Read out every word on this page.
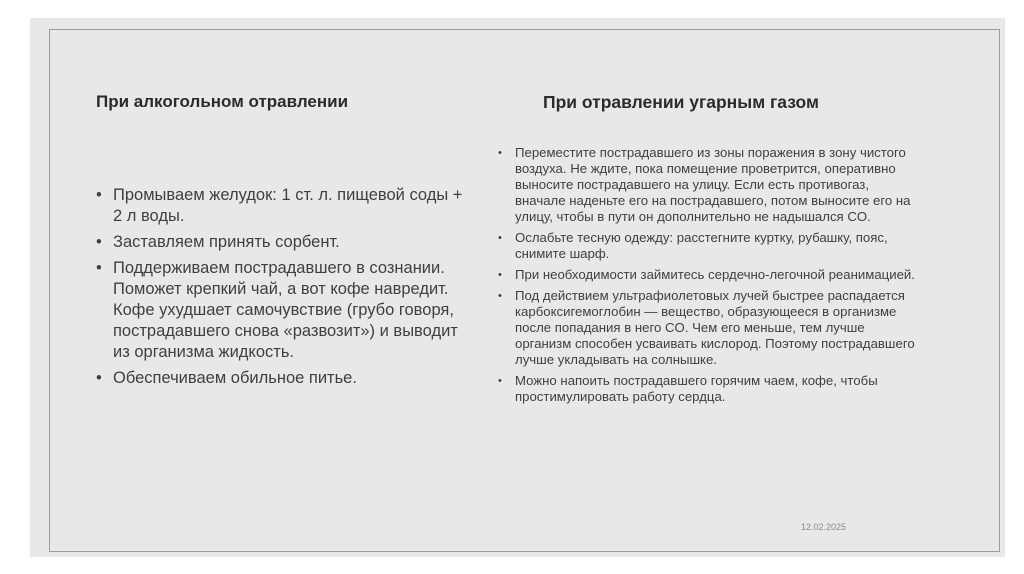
При алкогольном отравлении
• Промываем желудок: 1 ст. л. пищевой соды + 2 л воды.
• Заставляем принять сорбент.
• Поддерживаем пострадавшего в сознании. Поможет крепкий чай, а вот кофе навредит. Кофе ухудшает самочувствие (грубо говоря, пострадавшего снова «развозит») и выводит из организма жидкость.
• Обеспечиваем обильное питье.
При отравлении угарным газом
• Переместите пострадавшего из зоны поражения в зону чистого воздуха. Не ждите, пока помещение проветрится, оперативно выносите пострадавшего на улицу. Если есть противогаз, вначале наденьте его на пострадавшего, потом выносите его на улицу, чтобы в пути он дополнительно не надышался CO.
• Ослабьте тесную одежду: расстегните куртку, рубашку, пояс, снимите шарф.
• При необходимости займитесь сердечно-легочной реанимацией.
• Под действием ультрафиолетовых лучей быстрее распадается карбоксигемоглобин — вещество, образующееся в организме после попадания в него CO. Чем его меньше, тем лучше организм способен усваивать кислород. Поэтому пострадавшего лучше укладывать на солнышке.
• Можно напоить пострадавшего горячим чаем, кофе, чтобы простимулировать работу сердца.
12.02.2025
